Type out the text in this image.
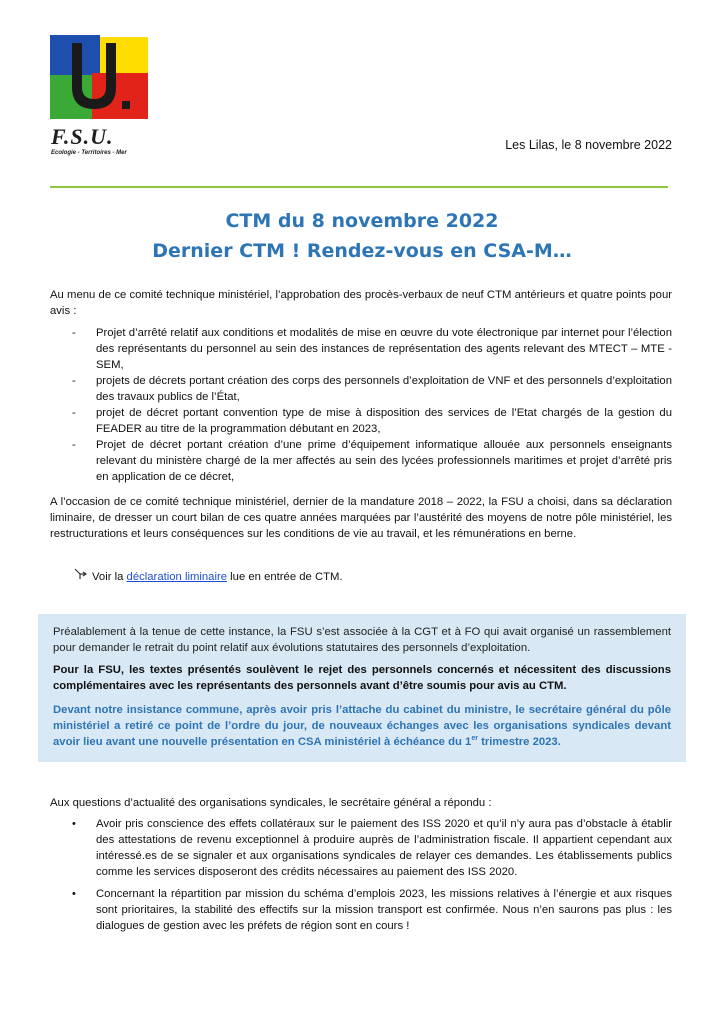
F.S.U.
Ecologie - Territoires - Mer
Les Lilas, le 8 novembre 2022
CTM du 8 novembre 2022
Dernier CTM ! Rendez-vous en CSA-M…
Au menu de ce comité technique ministériel, l’approbation des procès-verbaux de neuf CTM antérieurs et quatre points pour avis :
- Projet d’arrêté relatif aux conditions et modalités de mise en œuvre du vote électronique par internet pour l’élection des représentants du personnel au sein des instances de représentation des agents relevant des MTECT – MTE - SEM,
- projets de décrets portant création des corps des personnels d’exploitation de VNF et des personnels d’exploitation des travaux publics de l’État,
- projet de décret portant convention type de mise à disposition des services de l’Etat chargés de la gestion du FEADER au titre de la programmation débutant en 2023,
- Projet de décret portant création d’une prime d’équipement informatique allouée aux personnels enseignants relevant du ministère chargé de la mer affectés au sein des lycées professionnels maritimes et projet d’arrêté pris en application de ce décret,
A l’occasion de ce comité technique ministériel, dernier de la mandature 2018 – 2022, la FSU a choisi, dans sa déclaration liminaire, de dresser un court bilan de ces quatre années marquées par l’austérité des moyens de notre pôle ministériel, les restructurations et leurs conséquences sur les conditions de vie au travail, et les rémunérations en berne.
Voir la déclaration liminaire lue en entrée de CTM.
Préalablement à la tenue de cette instance, la FSU s’est associée à la CGT et à FO qui avait organisé un rassemblement pour demander le retrait du point relatif aux évolutions statutaires des personnels d’exploitation.
Pour la FSU, les textes présentés soulèvent le rejet des personnels concernés et nécessitent des discussions complémentaires avec les représentants des personnels avant d’être soumis pour avis au CTM.
Devant notre insistance commune, après avoir pris l’attache du cabinet du ministre, le secrétaire général du pôle ministériel a retiré ce point de l’ordre du jour, de nouveaux échanges avec les organisations syndicales devant avoir lieu avant une nouvelle présentation en CSA ministériel à échéance du 1er trimestre 2023.
Aux questions d’actualité des organisations syndicales, le secrétaire général a répondu :
• Avoir pris conscience des effets collatéraux sur le paiement des ISS 2020 et qu’il n’y aura pas d’obstacle à établir des attestations de revenu exceptionnel à produire auprès de l’administration fiscale. Il appartient cependant aux intéressé.es de se signaler et aux organisations syndicales de relayer ces demandes. Les établissements publics comme les services disposeront des crédits nécessaires au paiement des ISS 2020.
• Concernant la répartition par mission du schéma d’emplois 2023, les missions relatives à l’énergie et aux risques sont prioritaires, la stabilité des effectifs sur la mission transport est confirmée. Nous n’en saurons pas plus : les dialogues de gestion avec les préfets de région sont en cours !
